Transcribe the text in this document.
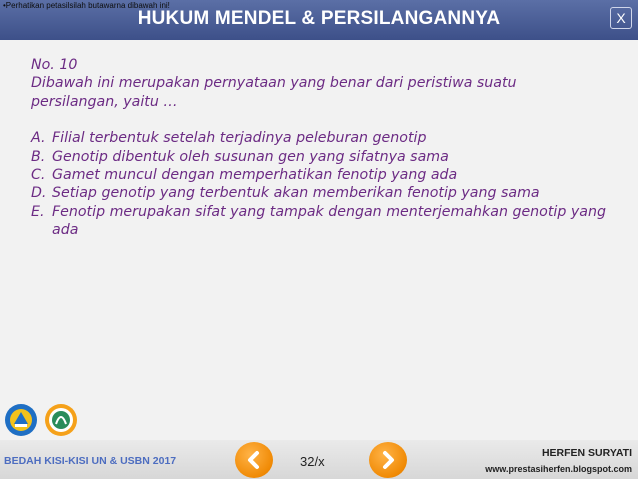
•Perhatikan petasilsilah butawarna dibawah ini!
HUKUM MENDEL & PERSILANGANNYA	X

No. 10

Dibawah ini merupakan pernyataan yang benar dari peristiwa suatu persilangan, yaitu …

A. Filial terbentuk setelah terjadinya peleburan genotip
B. Genotip dibentuk oleh susunan gen yang sifatnya sama
C. Gamet muncul dengan memperhatikan fenotip yang ada
D. Setiap genotip yang terbentuk akan memberikan fenotip yang sama
E. Fenotip merupakan sifat yang tampak dengan menterjemahkan genotip yang ada
BEDAH KISI-KISI UN & USBN 2017	32/x
HERFEN SURYATI
www.prestasiherfen.blogspot.com
